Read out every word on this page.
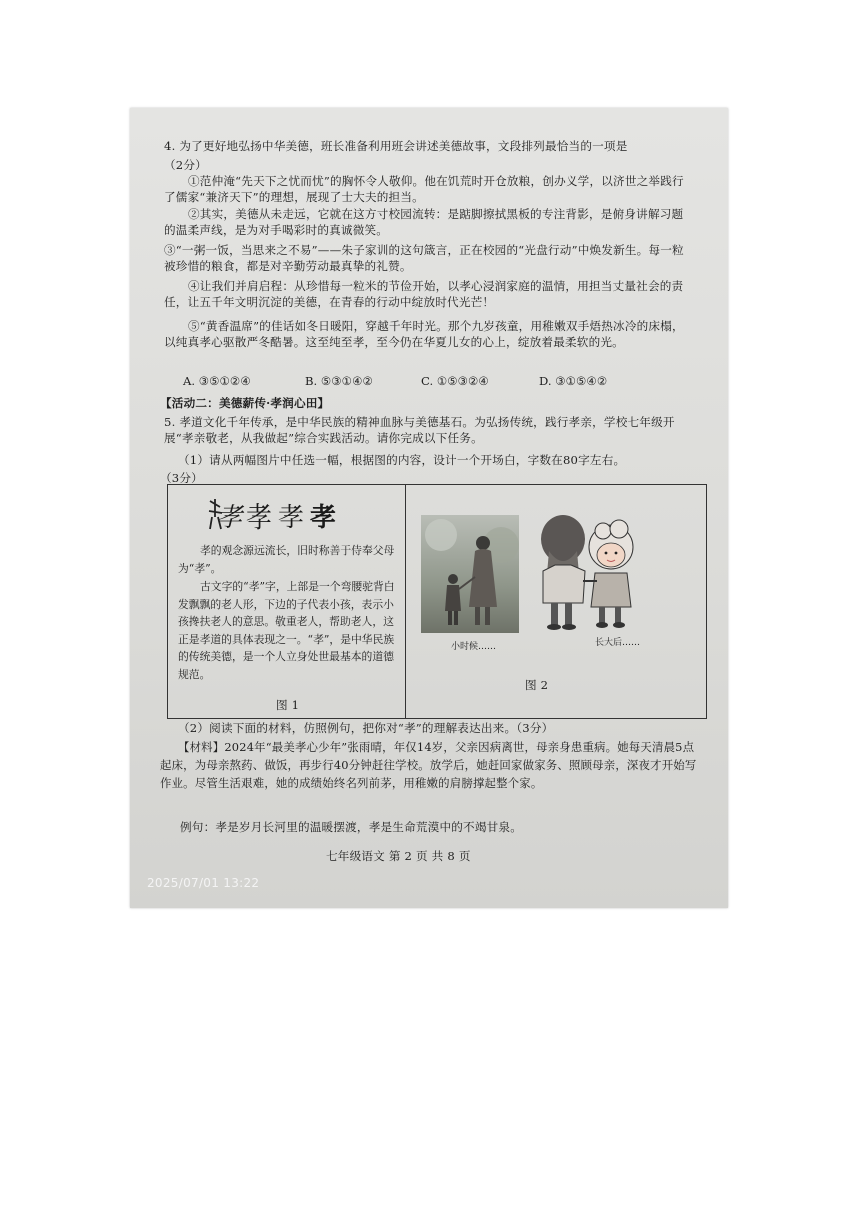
4. 为了更好地弘扬中华美德，班长准备利用班会讲述美德故事，文段排列最恰当的一项是
（2分）
①范仲淹“先天下之忧而忧”的胸怀令人敬仰。他在饥荒时开仓放粮，创办义学，以济世之举践行了儒家“兼济天下”的理想，展现了士大夫的担当。
②其实，美德从未走远，它就在这方寸校园流转：是踮脚擦拭黑板的专注背影，是俯身讲解习题的温柔声线，是为对手喝彩时的真诚微笑。
③“一粥一饭，当思来之不易”——朱子家训的这句箴言，正在校园的“光盘行动”中焕发新生。每一粒被珍惜的粮食，都是对辛勤劳动最真挚的礼赞。
④让我们并肩启程：从珍惜每一粒米的节俭开始，以孝心浸润家庭的温情，用担当丈量社会的责任，让五千年文明沉淀的美德，在青春的行动中绽放时代光芒！
⑤“黄香温席”的佳话如冬日暖阳，穿越千年时光。那个九岁孩童，用稚嫩双手焐热冰冷的床榻，以纯真孝心驱散严冬酷暑。这至纯至孝，至今仍在华夏儿女的心上，绽放着最柔软的光。
A. ③⑤①②④	B. ⑤③①④②	C. ①⑤③②④	D. ③①⑤④②
【活动二：美德薪传·孝润心田】
5. 孝道文化千年传承，是中华民族的精神血脉与美德基石。为弘扬传统，践行孝亲，学校七年级开展“孝亲敬老，从我做起”综合实践活动。请你完成以下任务。
（1）请从两幅图片中任选一幅，根据图的内容，设计一个开场白，字数在80字左右。
（3分）
孝 孝 孝 孝
孝的观念源远流长，旧时称善于侍奉父母为“孝”。
古文字的“孝”字，上部是一个弯腰驼背白发飘飘的老人形，下边的子代表小孩，表示小孩搀扶老人的意思。敬重老人，帮助老人，这正是孝道的具体表现之一。“孝”，是中华民族的传统美德，是一个人立身处世最基本的道德规范。
图 1
小时候……	长大后……
图 2
（2）阅读下面的材料，仿照例句，把你对“孝”的理解表达出来。（3分）
【材料】2024年“最美孝心少年”张雨晴，年仅14岁，父亲因病离世，母亲身患重病。她每天清晨5点起床，为母亲熬药、做饭，再步行40分钟赶往学校。放学后，她赶回家做家务、照顾母亲，深夜才开始写作业。尽管生活艰难，她的成绩始终名列前茅，用稚嫩的肩膀撑起整个家。
例句：孝是岁月长河里的温暖摆渡，孝是生命荒漠中的不竭甘泉。
七年级语文 第 2 页 共 8 页
2025/07/01 13:22
